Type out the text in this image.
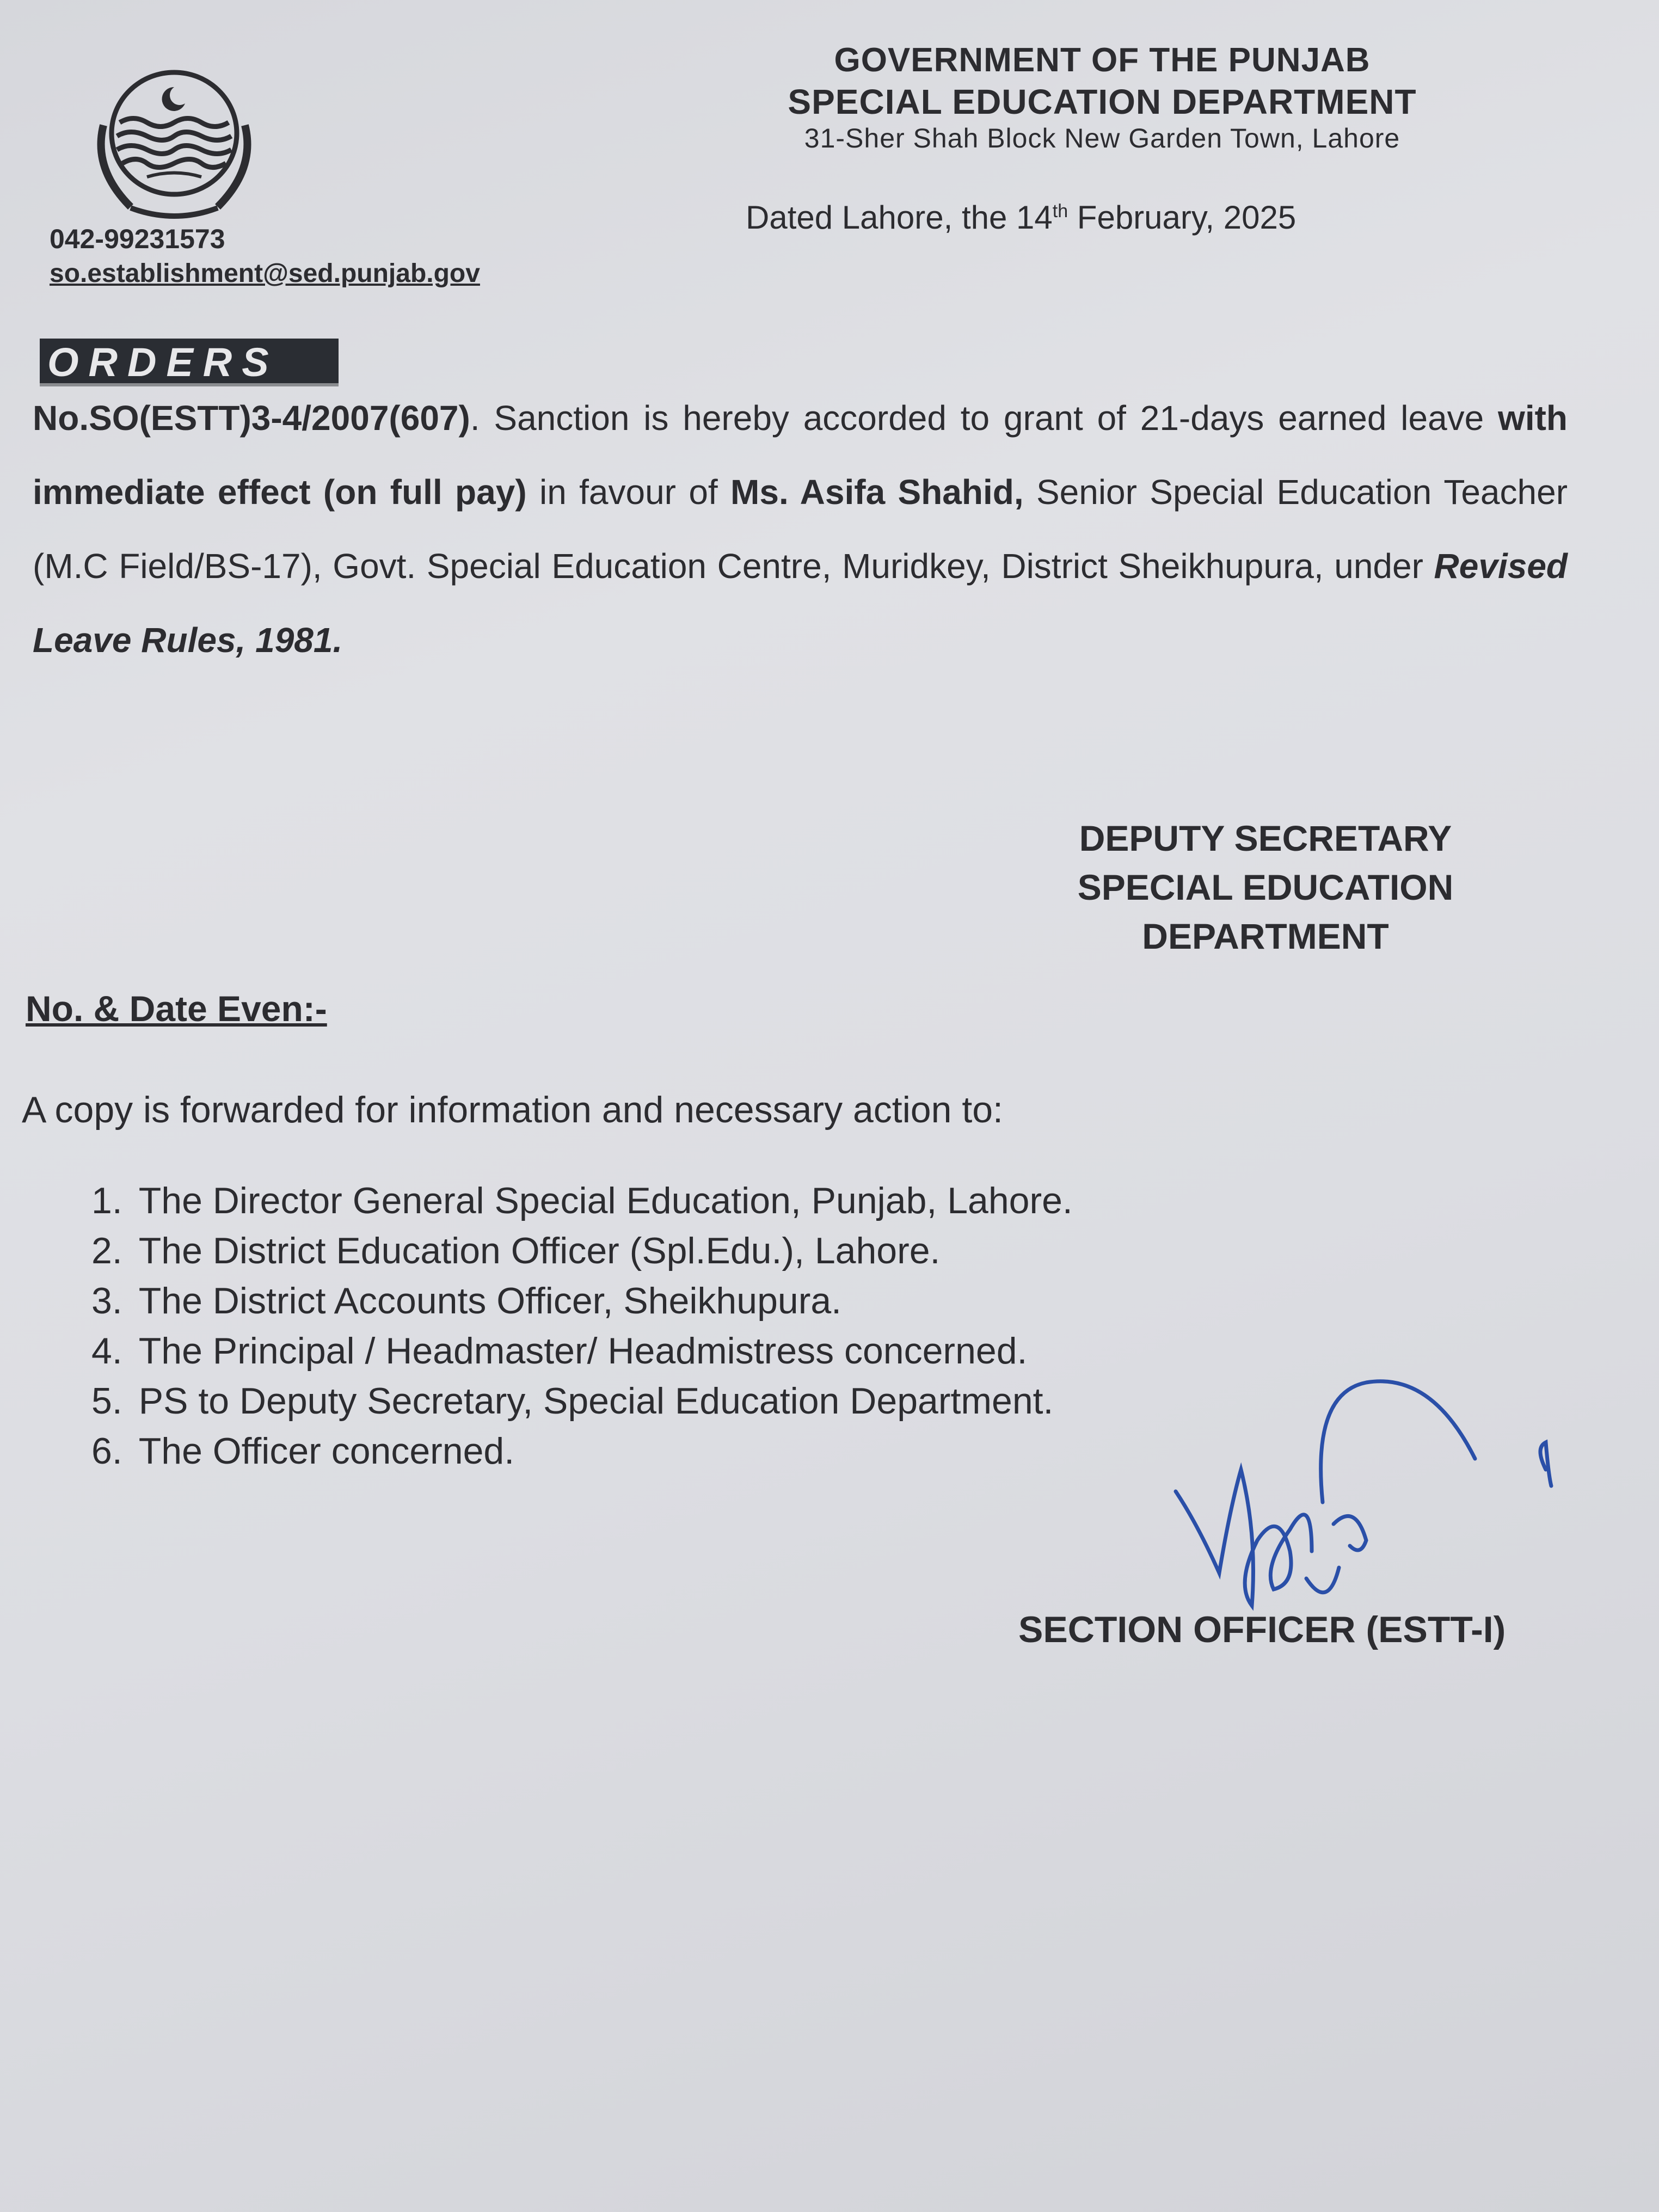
GOVERNMENT OF THE PUNJAB
SPECIAL EDUCATION DEPARTMENT
31-Sher Shah Block New Garden Town, Lahore
Dated Lahore, the 14th February, 2025
042-99231573
so.establishment@sed.punjab.gov
ORDERS
No.SO(ESTT)3-4/2007(607). Sanction is hereby accorded to grant of 21-days earned leave with immediate effect (on full pay) in favour of Ms. Asifa Shahid, Senior Special Education Teacher (M.C Field/BS-17), Govt. Special Education Centre, Muridkey, District Sheikhupura, under Revised Leave Rules, 1981.
DEPUTY SECRETARY
SPECIAL EDUCATION
DEPARTMENT
No. & Date Even:-
A copy is forwarded for information and necessary action to:
1. The Director General Special Education, Punjab, Lahore.
2. The District Education Officer (Spl.Edu.), Lahore.
3. The District Accounts Officer, Sheikhupura.
4. The Principal / Headmaster/ Headmistress concerned.
5. PS to Deputy Secretary, Special Education Department.
6. The Officer concerned.
SECTION OFFICER (ESTT-I)
